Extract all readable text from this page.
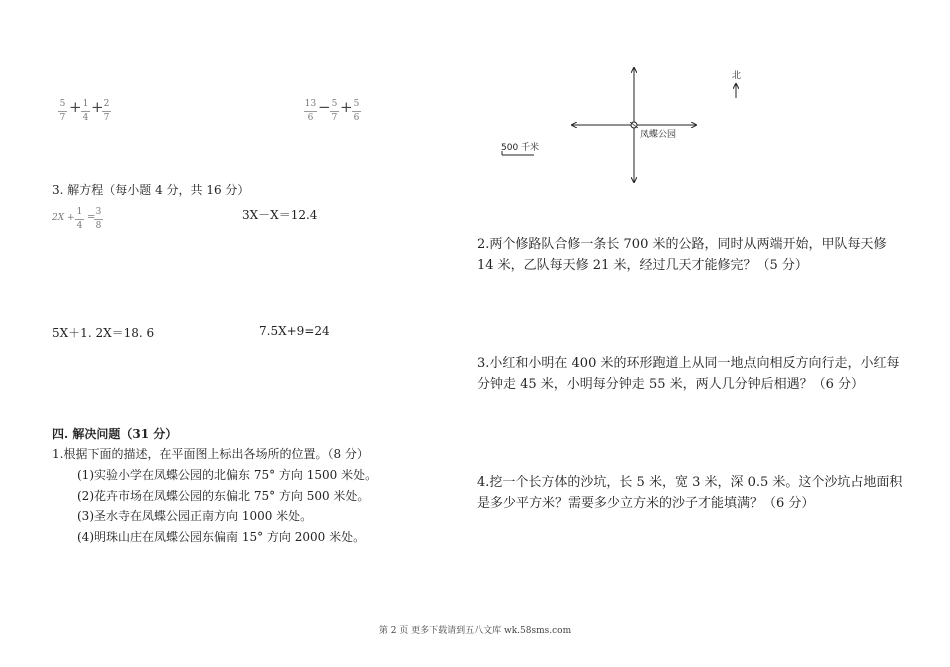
5
7
+ 1
4
+ 2
7
13
6
− 5
7
+ 5
6
3. 解方程（每小题 4 分，共 16 分）
2X +
1
4
= 3
8
3X－X＝12.4
5X＋1. 2X＝18. 6	7.5X+9=24
四. 解决问题（31 分）
1.根据下面的描述，在平面图上标出各场所的位置。（8 分）
(1)实验小学在凤蝶公园的北偏东 75° 方向 1500 米处。
(2)花卉市场在凤蝶公园的东偏北 75° 方向 500 米处。
(3)圣水寺在凤蝶公园正南方向 1000 米处。
(4)明珠山庄在凤蝶公园东偏南 15° 方向 2000 米处。
北
凤蝶公园
500 千米
2.两个修路队合修一条长 700 米的公路，同时从两端开始，甲队每天修
14 米，乙队每天修 21 米，经过几天才能修完？（5 分）
3.小红和小明在 400 米的环形跑道上从同一地点向相反方向行走，小红每
分钟走 45 米，小明每分钟走 55 米，两人几分钟后相遇？（6 分）
4.挖一个长方体的沙坑，长 5 米，宽 3 米，深 0.5 米。这个沙坑占地面积
是多少平方米？需要多少立方米的沙子才能填满？（6 分）
第 2 页 更多下载请到五八文库 wk.58sms.com
